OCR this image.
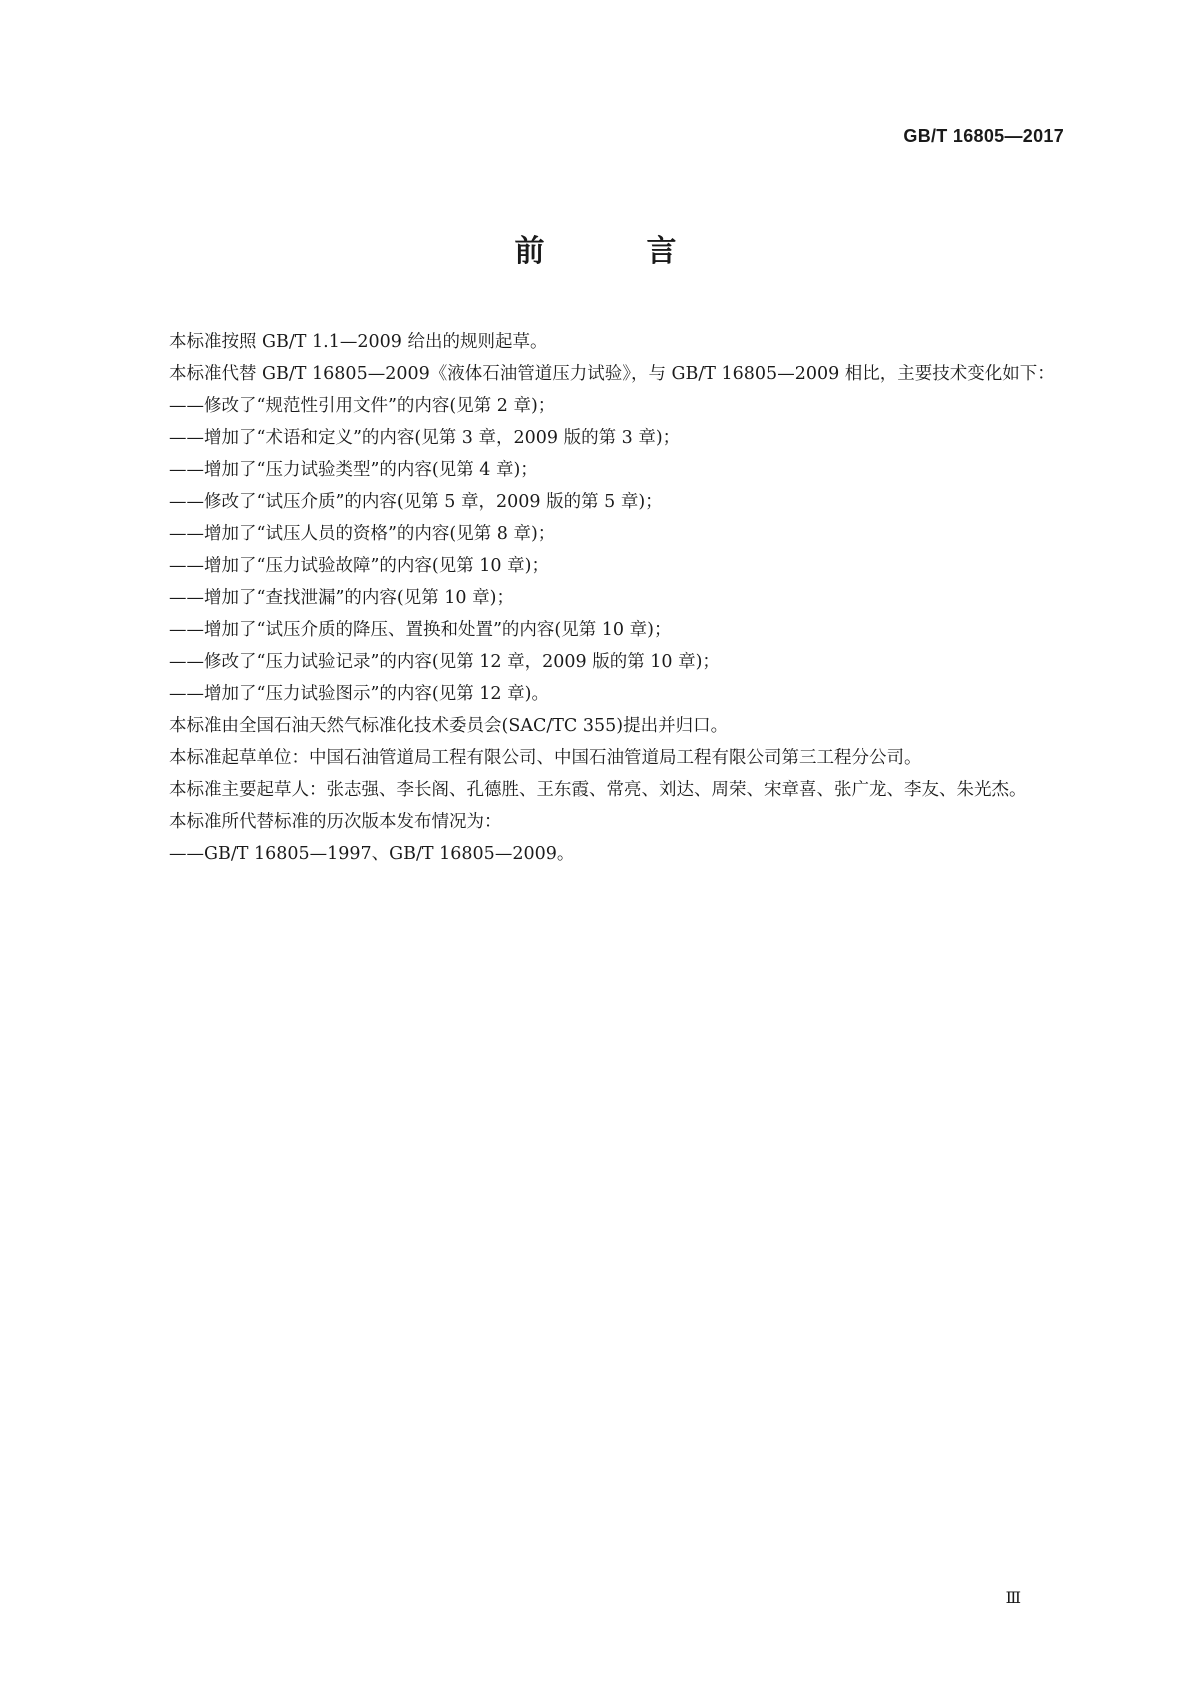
GB/T 16805—2017
前　言

本标准按照 GB/T 1.1—2009 给出的规则起草。

本标准代替 GB/T 16805—2009《液体石油管道压力试验》，与 GB/T 16805—2009 相比，主要技术变化如下：

——修改了“规范性引用文件”的内容(见第 2 章)；

——增加了“术语和定义”的内容(见第 3 章，2009 版的第 3 章)；

——增加了“压力试验类型”的内容(见第 4 章)；

——修改了“试压介质”的内容(见第 5 章，2009 版的第 5 章)；

——增加了“试压人员的资格”的内容(见第 8 章)；

——增加了“压力试验故障”的内容(见第 10 章)；

——增加了“查找泄漏”的内容(见第 10 章)；

——增加了“试压介质的降压、置换和处置”的内容(见第 10 章)；

——修改了“压力试验记录”的内容(见第 12 章，2009 版的第 10 章)；

——增加了“压力试验图示”的内容(见第 12 章)。

本标准由全国石油天然气标准化技术委员会(SAC/TC 355)提出并归口。

本标准起草单位：中国石油管道局工程有限公司、中国石油管道局工程有限公司第三工程分公司。

本标准主要起草人：张志强、李长阁、孔德胜、王东霞、常亮、刘达、周荣、宋章喜、张广龙、李友、朱光杰。

本标准所代替标准的历次版本发布情况为：

——GB/T 16805—1997、GB/T 16805—2009。

Ⅲ
